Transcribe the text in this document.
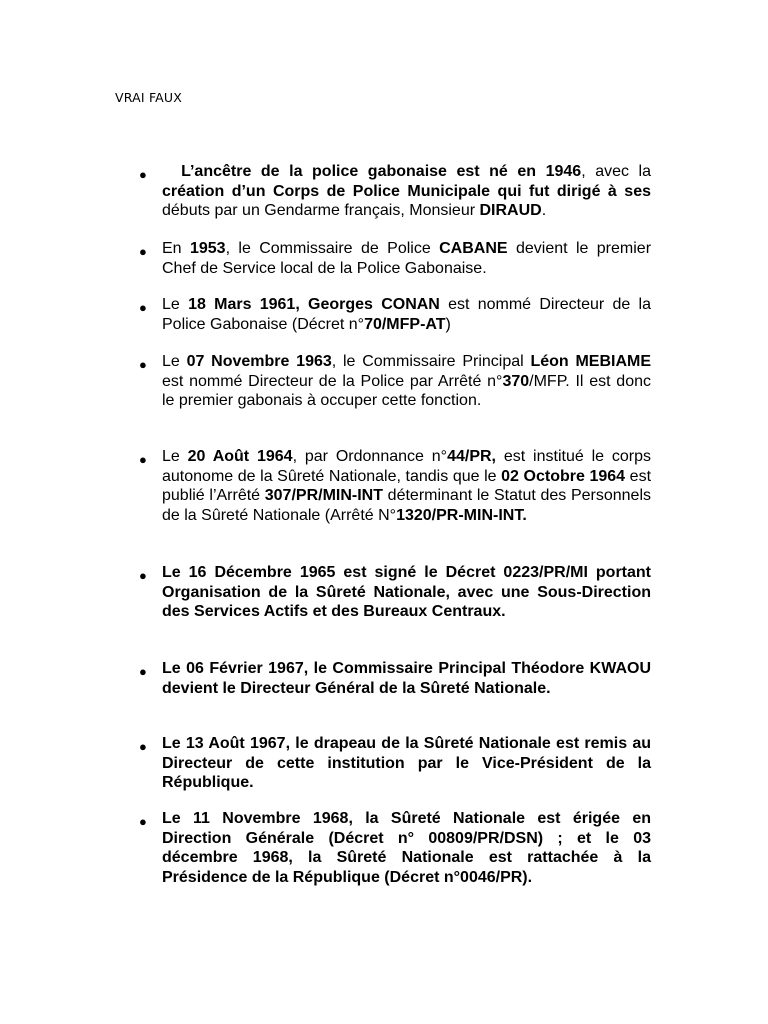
VRAI FAUX
● L’ancêtre de la police gabonaise est né en 1946, avec la création d’un Corps de Police Municipale qui fut dirigé à ses débuts par un Gendarme français, Monsieur DIRAUD.
● En 1953, le Commissaire de Police CABANE devient le premier Chef de Service local de la Police Gabonaise.
● Le 18 Mars 1961, Georges CONAN est nommé Directeur de la Police Gabonaise (Décret n°70/MFP-AT)
● Le 07 Novembre 1963, le Commissaire Principal Léon MEBIAME est nommé Directeur de la Police par Arrêté n°370/MFP. Il est donc le premier gabonais à occuper cette fonction.
● Le 20 Août 1964, par Ordonnance n°44/PR, est institué le corps autonome de la Sûreté Nationale, tandis que le 02 Octobre 1964 est publié l’Arrêté 307/PR/MIN-INT déterminant le Statut des Personnels de la Sûreté Nationale (Arrêté N°1320/PR-MIN-INT.
● Le 16 Décembre 1965 est signé le Décret 0223/PR/MI portant Organisation de la Sûreté Nationale, avec une Sous-Direction des Services Actifs et des Bureaux Centraux.
● Le 06 Février 1967, le Commissaire Principal Théodore KWAOU devient le Directeur Général de la Sûreté Nationale.
● Le 13 Août 1967, le drapeau de la Sûreté Nationale est remis au Directeur de cette institution par le Vice-Président de la République.
● Le 11 Novembre 1968, la Sûreté Nationale est érigée en Direction Générale (Décret n° 00809/PR/DSN) ; et le 03 décembre 1968, la Sûreté Nationale est rattachée à la Présidence de la République (Décret n°0046/PR).
